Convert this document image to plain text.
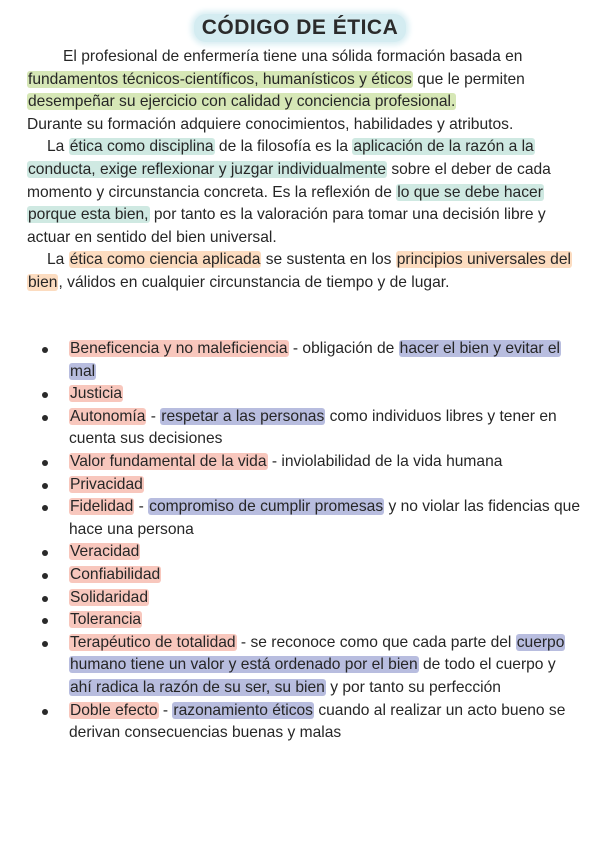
CÓDIGO DE ÉTICA

El profesional de enfermería tiene una sólida formación basada en fundamentos técnicos-científicos, humanísticos y éticos que le permiten desempeñar su ejercicio con calidad y conciencia profesional.
Durante su formación adquiere conocimientos, habilidades y atributos.

La ética como disciplina de la filosofía es la aplicación de la razón a la conducta, exige reflexionar y juzgar individualmente sobre el deber de cada momento y circunstancia concreta. Es la reflexión de lo que se debe hacer porque esta bien, por tanto es la valoración para tomar una decisión libre y actuar en sentido del bien universal.

La ética como ciencia aplicada se sustenta en los principios universales del bien, válidos en cualquier circunstancia de tiempo y de lugar.

Beneficencia y no maleficiencia - obligación de hacer el bien y evitar el mal
Justicia
Autonomía - respetar a las personas como individuos libres y tener en cuenta sus decisiones
Valor fundamental de la vida - inviolabilidad de la vida humana
Privacidad
Fidelidad - compromiso de cumplir promesas y no violar las fidencias que hace una persona
Veracidad
Confiabilidad
Solidaridad
Tolerancia
Terapéutico de totalidad - se reconoce como que cada parte del cuerpo humano tiene un valor y está ordenado por el bien de todo el cuerpo y ahí radica la razón de su ser, su bien y por tanto su perfección
Doble efecto - razonamiento éticos cuando al realizar un acto bueno se derivan consecuencias buenas y malas
